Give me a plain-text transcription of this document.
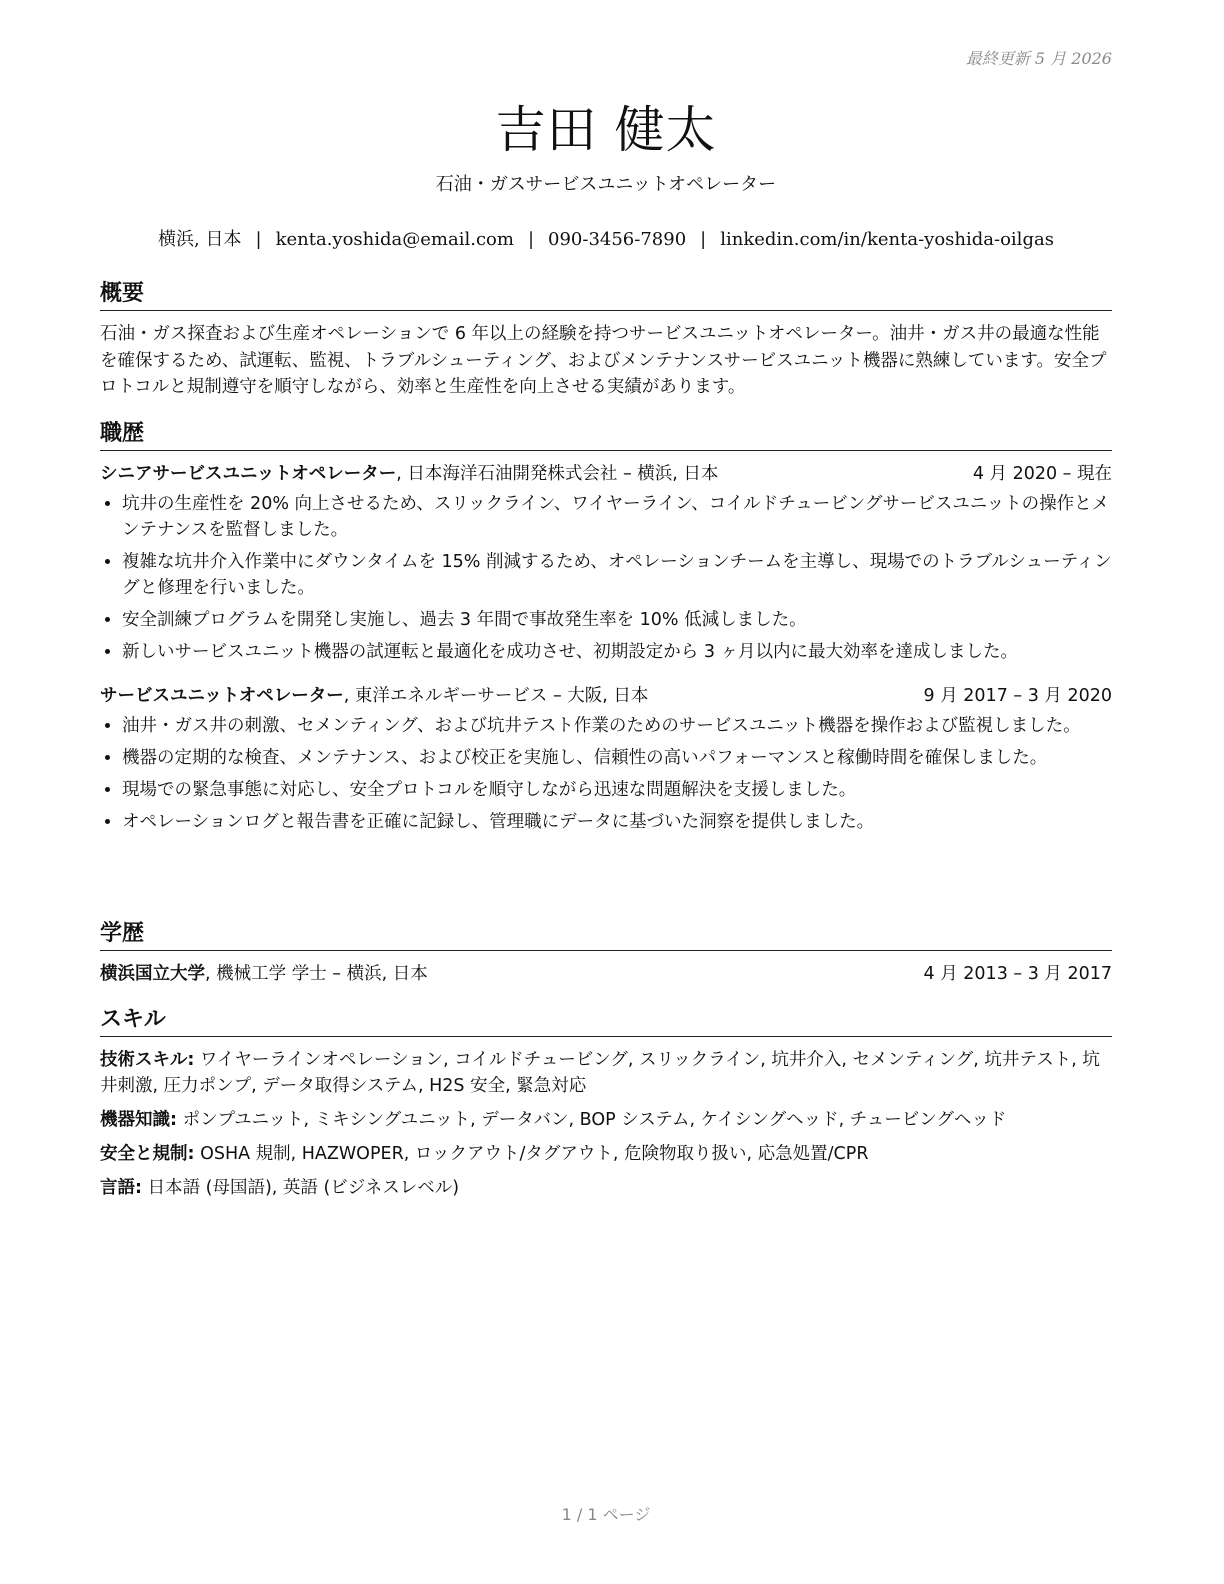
最終更新 5 月 2026
吉田 健太
石油・ガスサービスユニットオペレーター
横浜, 日本 | kenta.yoshida@email.com | 090-3456-7890 | linkedin.com/in/kenta-yoshida-oilgas
概要
石油・ガス探査および生産オペレーションで 6 年以上の経験を持つサービスユニットオペレーター。油井・ガス井の最適な性能を確保するため、試運転、監視、トラブルシューティング、およびメンテナンスサービスユニット機器に熟練しています。安全プロトコルと規制遵守を順守しながら、効率と生産性を向上させる実績があります。
職歴
シニアサービスユニットオペレーター, 日本海洋石油開発株式会社 – 横浜, 日本	4 月 2020 – 現在
• 坑井の生産性を 20% 向上させるため、スリックライン、ワイヤーライン、コイルドチュービングサービスユニットの操作とメンテナンスを監督しました。
• 複雑な坑井介入作業中にダウンタイムを 15% 削減するため、オペレーションチームを主導し、現場でのトラブルシューティングと修理を行いました。
• 安全訓練プログラムを開発し実施し、過去 3 年間で事故発生率を 10% 低減しました。
• 新しいサービスユニット機器の試運転と最適化を成功させ、初期設定から 3 ヶ月以内に最大効率を達成しました。
サービスユニットオペレーター, 東洋エネルギーサービス – 大阪, 日本	9 月 2017 – 3 月 2020
• 油井・ガス井の刺激、セメンティング、および坑井テスト作業のためのサービスユニット機器を操作および監視しました。
• 機器の定期的な検査、メンテナンス、および校正を実施し、信頼性の高いパフォーマンスと稼働時間を確保しました。
• 現場での緊急事態に対応し、安全プロトコルを順守しながら迅速な問題解決を支援しました。
• オペレーションログと報告書を正確に記録し、管理職にデータに基づいた洞察を提供しました。
学歴
横浜国立大学, 機械工学 学士 – 横浜, 日本	4 月 2013 – 3 月 2017
スキル
技術スキル: ワイヤーラインオペレーション, コイルドチュービング, スリックライン, 坑井介入, セメンティング, 坑井テスト, 坑井刺激, 圧力ポンプ, データ取得システム, H2S 安全, 緊急対応
機器知識: ポンプユニット, ミキシングユニット, データバン, BOP システム, ケイシングヘッド, チュービングヘッド
安全と規制: OSHA 規制, HAZWOPER, ロックアウト/タグアウト, 危険物取り扱い, 応急処置/CPR
言語: 日本語 (母国語), 英語 (ビジネスレベル)
1 / 1 ページ
